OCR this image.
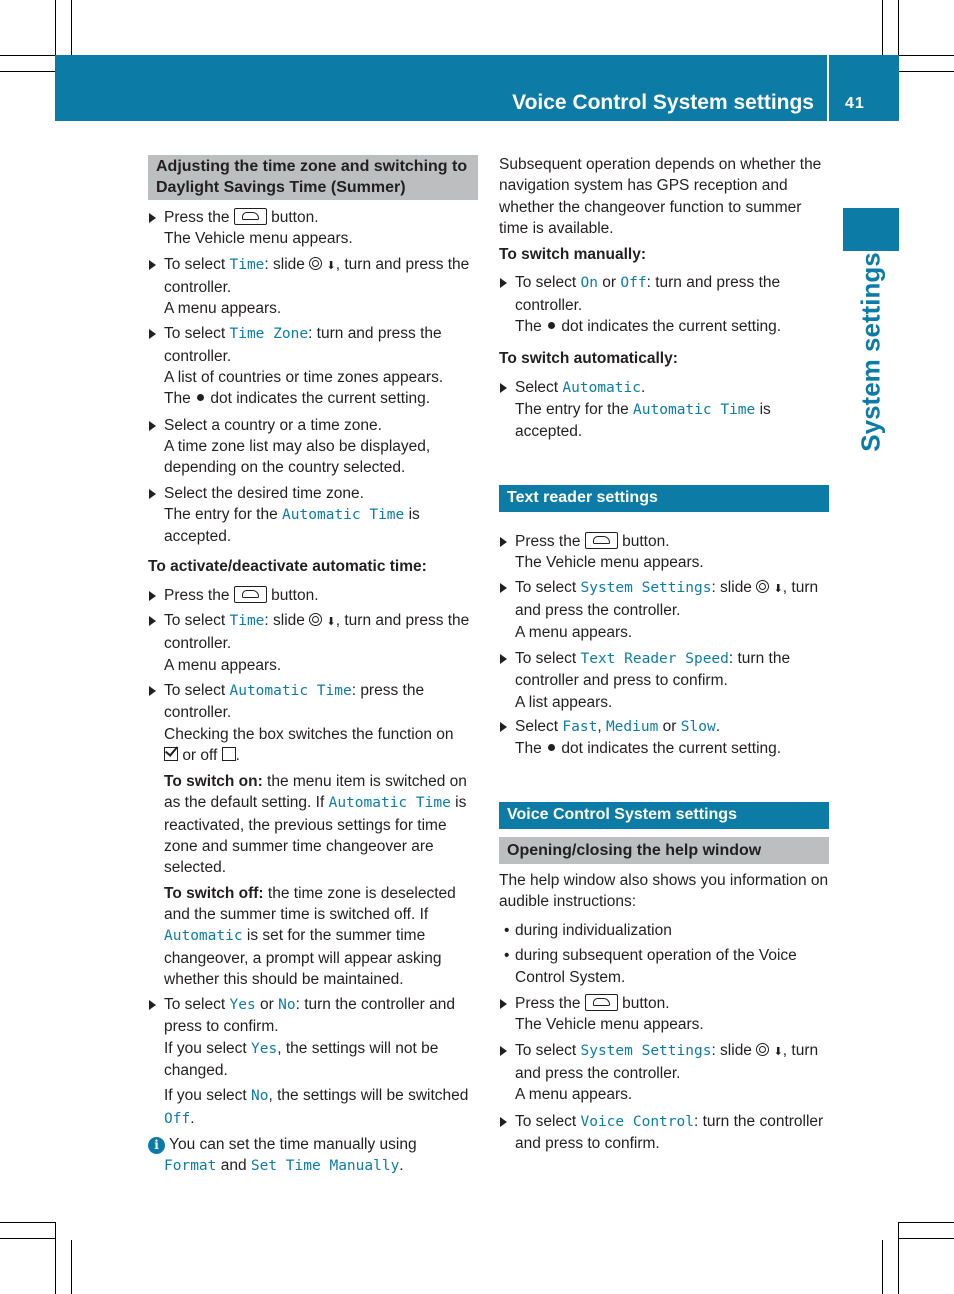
Voice Control System settings 41
System settings
Adjusting the time zone and switching to Daylight Savings Time (Summer)
Press the	button.
The Vehicle menu appears.
To select Time: slide ⬇, turn and press the controller.
A menu appears.
To select Time Zone: turn and press the controller.
A list of countries or time zones appears.
The dot indicates the current setting.
Select a country or a time zone.
A time zone list may also be displayed, depending on the country selected.
Select the desired time zone.
The entry for the Automatic Time is accepted.
To activate/deactivate automatic time:
Press the	button.
To select Time: slide ⬇, turn and press the controller.
A menu appears.
To select Automatic Time: press the controller.
Checking the box switches the function on
or off .
To switch on: the menu item is switched on as the default setting. If Automatic Time is reactivated, the previous settings for time zone and summer time changeover are selected.
To switch off: the time zone is deselected and the summer time is switched off. If Automatic is set for the summer time changeover, a prompt will appear asking whether this should be maintained.
To select Yes or No: turn the controller and press to confirm.
If you select Yes, the settings will not be changed.
If you select No, the settings will be switched Off.
i You can set the time manually using
Format and Set Time Manually.
Subsequent operation depends on whether the navigation system has GPS reception and whether the changeover function to summer time is available.
To switch manually:
To select On or Off: turn and press the controller.
The dot indicates the current setting.
To switch automatically:
Select Automatic.
The entry for the Automatic Time is accepted.
Text reader settings
Press the	button.
The Vehicle menu appears.
To select System Settings: slide ⬇, turn and press the controller.
A menu appears.
To select Text Reader Speed: turn the controller and press to confirm.
A list appears.
Select Fast, Medium or Slow.
The dot indicates the current setting.
Voice Control System settings
Opening/closing the help window
The help window also shows you information on audible instructions:
• during individualization
• during subsequent operation of the Voice Control System.
Press the	button.
The Vehicle menu appears.
To select System Settings: slide ⬇, turn and press the controller.
A menu appears.
To select Voice Control: turn the controller and press to confirm.
